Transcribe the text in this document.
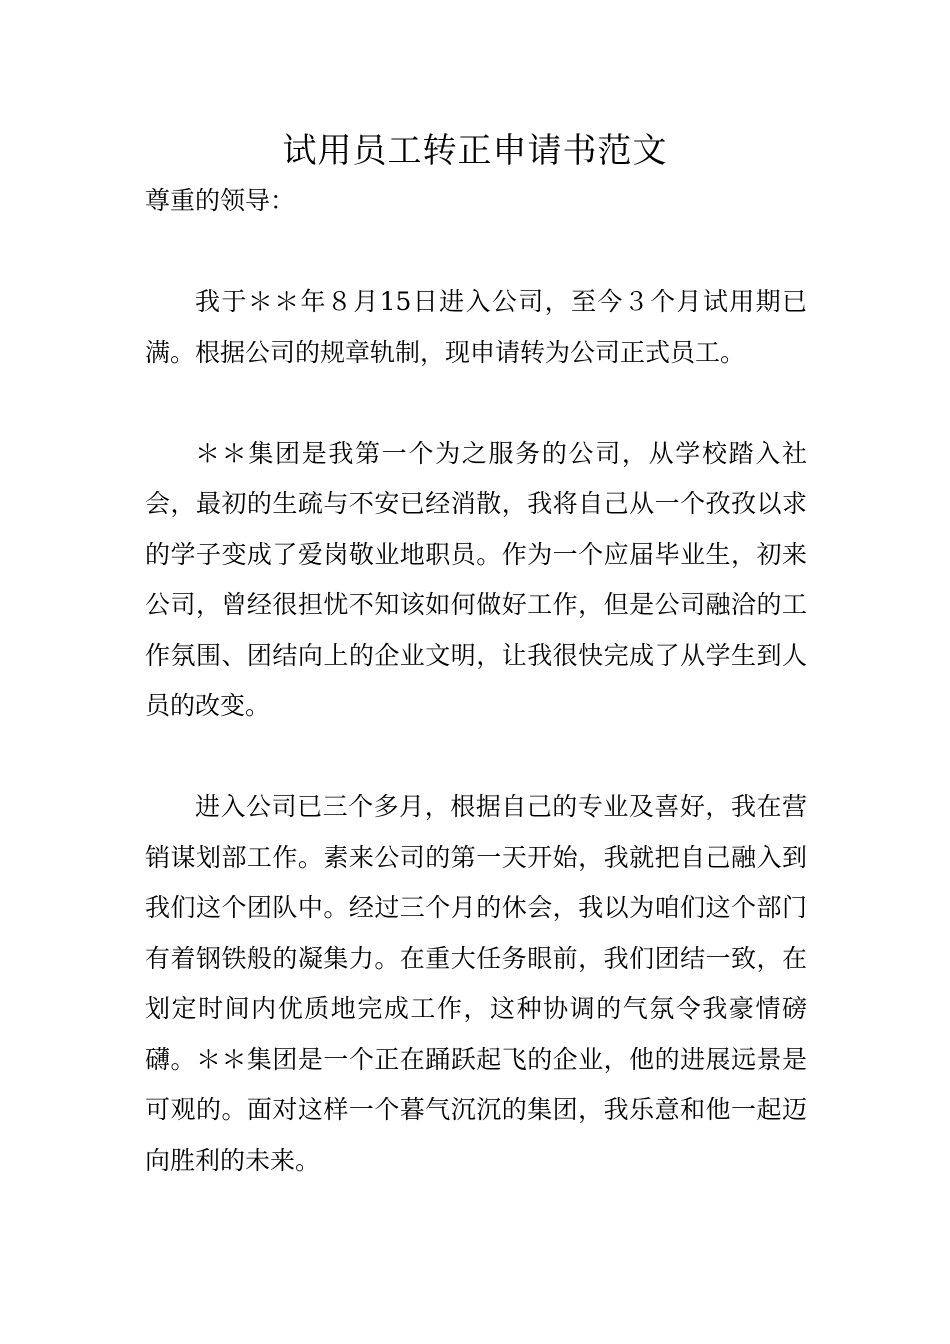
试用员工转正申请书范文

尊重的领导：

我于＊＊年８月15日进入公司，至今３个月试用期已满。根据公司的规章轨制，现申请转为公司正式员工。

＊＊集团是我第一个为之服务的公司，从学校踏入社会，最初的生疏与不安已经消散，我将自己从一个孜孜以求的学子变成了爱岗敬业地职员。作为一个应届毕业生，初来公司，曾经很担忧不知该如何做好工作，但是公司融洽的工作氛围、团结向上的企业文明，让我很快完成了从学生到人员的改变。

进入公司已三个多月，根据自己的专业及喜好，我在营销谋划部工作。素来公司的第一天开始，我就把自己融入到我们这个团队中。经过三个月的休会，我以为咱们这个部门有着钢铁般的凝集力。在重大任务眼前，我们团结一致，在划定时间内优质地完成工作，这种协调的气氛令我豪情磅礴。＊＊集团是一个正在踊跃起飞的企业，他的进展远景是可观的。面对这样一个暮气沉沉的集团，我乐意和他一起迈向胜利的未来。
